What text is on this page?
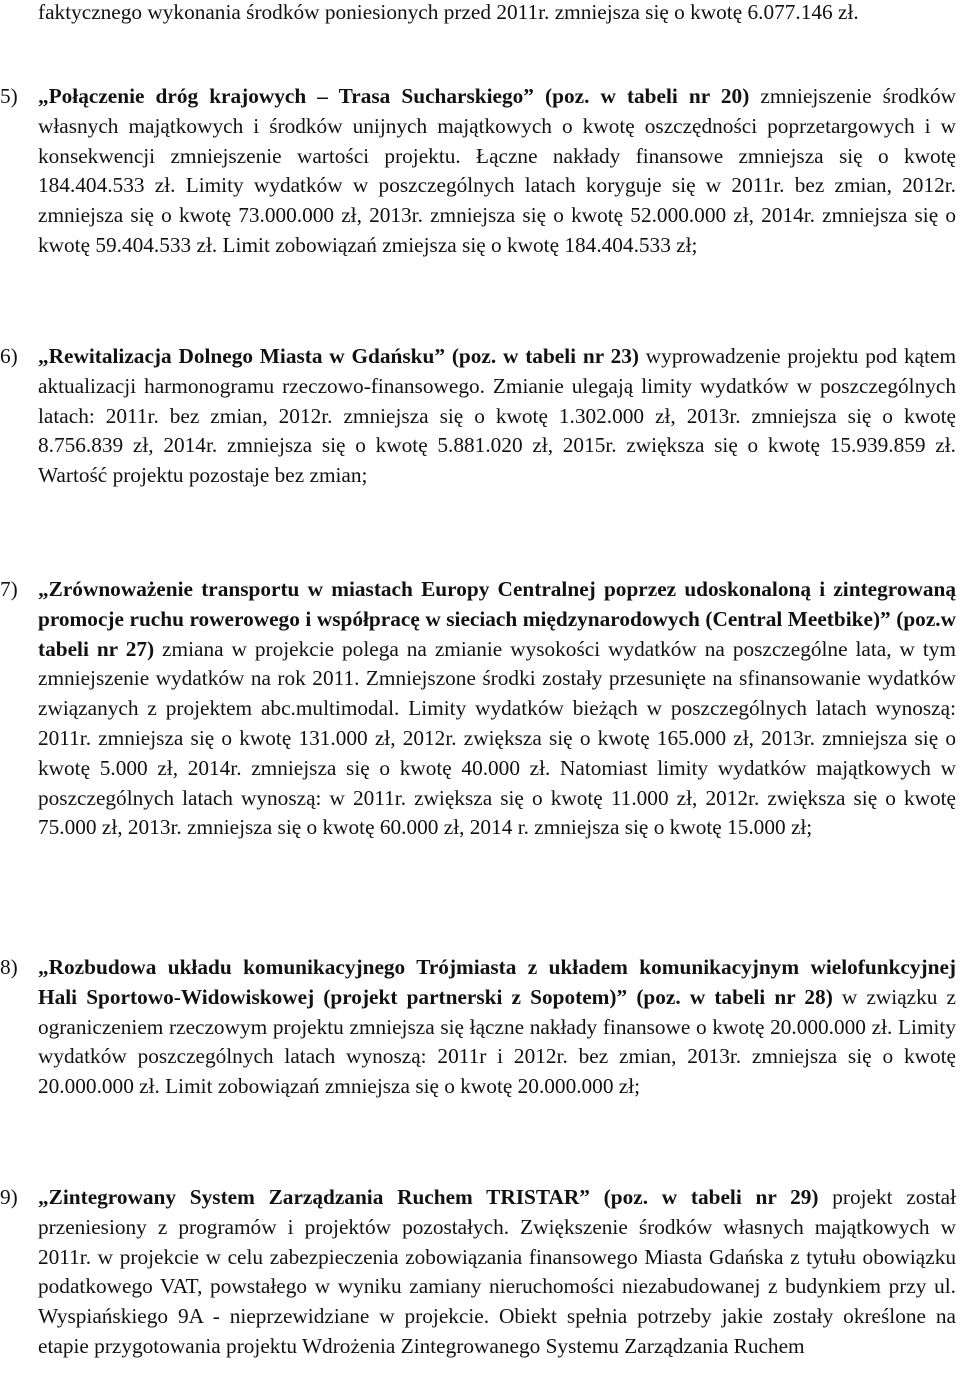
faktycznego wykonania środków poniesionych przed 2011r. zmniejsza się o kwotę 6.077.146 zł.

5) „Połączenie dróg krajowych – Trasa Sucharskiego” (poz. w tabeli nr 20) zmniejszenie środków własnych majątkowych i środków unijnych majątkowych o kwotę oszczędności poprzetargowych i w konsekwencji zmniejszenie wartości projektu. Łączne nakłady finansowe zmniejsza się o kwotę 184.404.533 zł. Limity wydatków w poszczególnych latach koryguje się w 2011r. bez zmian, 2012r. zmniejsza się o kwotę 73.000.000 zł, 2013r. zmniejsza się o kwotę 52.000.000 zł, 2014r. zmniejsza się o kwotę 59.404.533 zł. Limit zobowiązań zmiejsza się o kwotę 184.404.533 zł;

6) „Rewitalizacja Dolnego Miasta w Gdańsku” (poz. w tabeli nr 23) wyprowadzenie projektu pod kątem aktualizacji harmonogramu rzeczowo-finansowego. Zmianie ulegają limity wydatków w poszczególnych latach: 2011r. bez zmian, 2012r. zmniejsza się o kwotę 1.302.000 zł, 2013r. zmniejsza się o kwotę 8.756.839 zł, 2014r. zmniejsza się o kwotę 5.881.020 zł, 2015r. zwiększa się o kwotę 15.939.859 zł. Wartość projektu pozostaje bez zmian;

7) „Zrównoważenie transportu w miastach Europy Centralnej poprzez udoskonaloną i zintegrowaną promocje ruchu rowerowego i współpracę w sieciach międzynarodowych (Central Meetbike)” (poz.w tabeli nr 27) zmiana w projekcie polega na zmianie wysokości wydatków na poszczególne lata, w tym zmniejszenie wydatków na rok 2011. Zmniejszone środki zostały przesunięte na sfinansowanie wydatków związanych z projektem abc.multimodal. Limity wydatków bieżąch w poszczególnych latach wynoszą: 2011r. zmniejsza się o kwotę 131.000 zł, 2012r. zwiększa się o kwotę 165.000 zł, 2013r. zmniejsza się o kwotę 5.000 zł, 2014r. zmniejsza się o kwotę 40.000 zł. Natomiast limity wydatków majątkowych w poszczególnych latach wynoszą: w 2011r. zwiększa się o kwotę 11.000 zł, 2012r. zwiększa się o kwotę 75.000 zł, 2013r. zmniejsza się o kwotę 60.000 zł, 2014 r. zmniejsza się o kwotę 15.000 zł;

8) „Rozbudowa układu komunikacyjnego Trójmiasta z układem komunikacyjnym wielofunkcyjnej Hali Sportowo-Widowiskowej (projekt partnerski z Sopotem)” (poz. w tabeli nr 28) w związku z ograniczeniem rzeczowym projektu zmniejsza się łączne nakłady finansowe o kwotę 20.000.000 zł. Limity wydatków poszczególnych latach wynoszą: 2011r i 2012r. bez zmian, 2013r. zmniejsza się o kwotę 20.000.000 zł. Limit zobowiązań zmniejsza się o kwotę 20.000.000 zł;

9) „Zintegrowany System Zarządzania Ruchem TRISTAR” (poz. w tabeli nr 29) projekt został przeniesiony z programów i projektów pozostałych. Zwiększenie środków własnych majątkowych w 2011r. w projekcie w celu zabezpieczenia zobowiązania finansowego Miasta Gdańska z tytułu obowiązku podatkowego VAT, powstałego w wyniku zamiany nieruchomości niezabudowanej z budynkiem przy ul. Wyspiańskiego 9A - nieprzewidziane w projekcie. Obiekt spełnia potrzeby jakie zostały określone na etapie przygotowania projektu Wdrożenia Zintegrowanego Systemu Zarządzania Ruchem
